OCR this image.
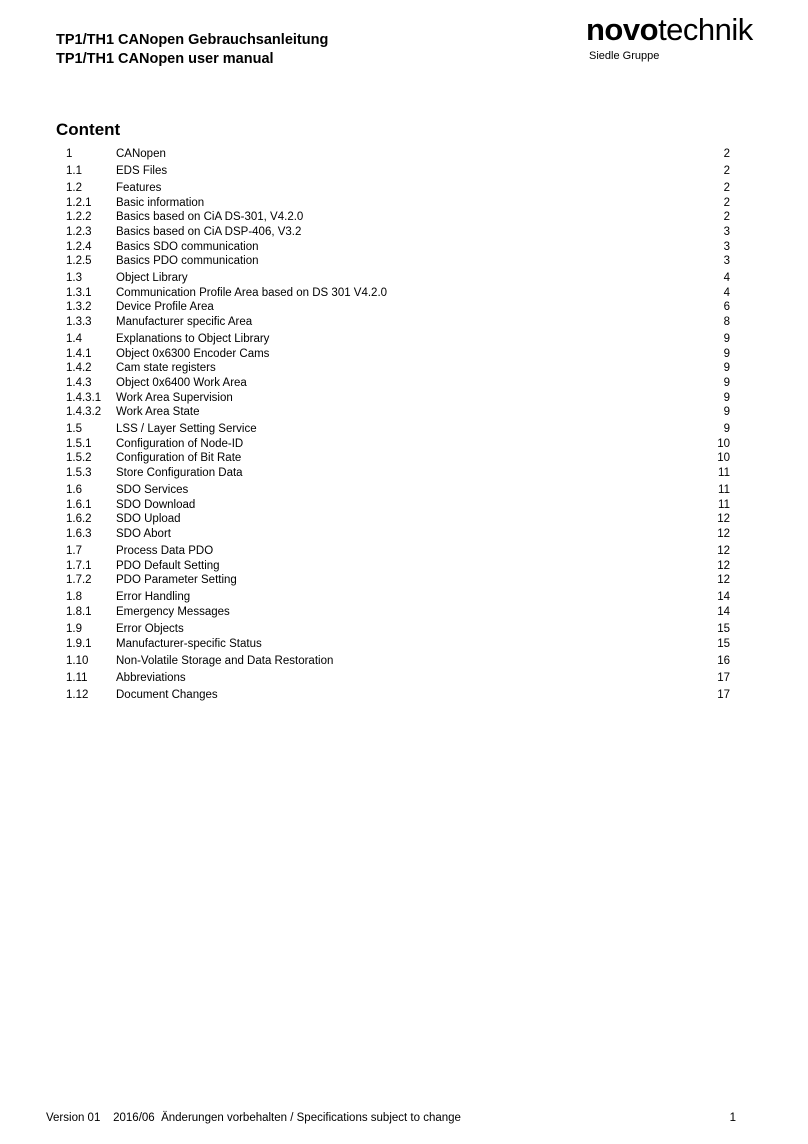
TP1/TH1 CANopen Gebrauchsanleitung
TP1/TH1 CANopen user manual
novotechnik
Siedle Gruppe
Content
1	CANopen	2
1.1	EDS Files	2
1.2	Features	2
1.2.1 Basic information	2
1.2.2 Basics based on CiA DS-301, V4.2.0	2
1.2.3 Basics based on CiA DSP-406, V3.2	3
1.2.4 Basics SDO communication	3
1.2.5 Basics PDO communication	3
1.3	Object Library	4
1.3.1 Communication Profile Area based on DS 301 V4.2.0	4
1.3.2 Device Profile Area	6
1.3.3 Manufacturer specific Area	8
1.4	Explanations to Object Library	9
1.4.1 Object 0x6300 Encoder Cams	9
1.4.2 Cam state registers	9
1.4.3 Object 0x6400 Work Area	9
1.4.3.1 Work Area Supervision	9
1.4.3.2 Work Area State	9
1.5	LSS / Layer Setting Service	9
1.5.1 Configuration of Node-ID	10
1.5.2 Configuration of Bit Rate	10
1.5.3 Store Configuration Data	11
1.6	SDO Services	11
1.6.1 SDO Download	11
1.6.2 SDO Upload	12
1.6.3 SDO Abort	12
1.7	Process Data PDO	12
1.7.1 PDO Default Setting	12
1.7.2 PDO Parameter Setting	12
1.8	Error Handling	14
1.8.1 Emergency Messages	14
1.9	Error Objects	15
1.9.1 Manufacturer-specific Status	15
1.10 Non-Volatile Storage and Data Restoration	16
1.11 Abbreviations	17
1.12 Document Changes	17
Version 01    2016/06  Änderungen vorbehalten / Specifications subject to change	1
